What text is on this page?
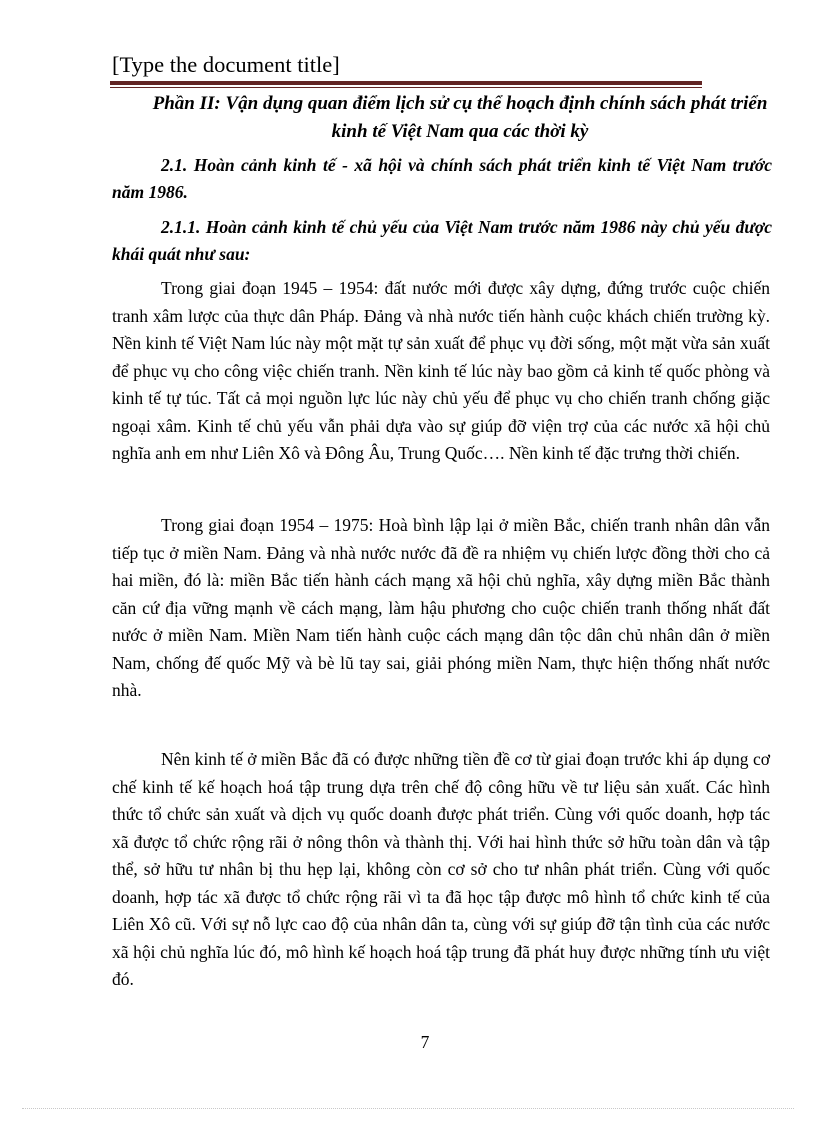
[Type the document title]
Phần II: Vận dụng quan điểm lịch sử cụ thể hoạch định chính sách phát triển kinh tế Việt Nam qua các thời kỳ
2.1. Hoàn cảnh kinh tế - xã hội và chính sách phát triển kinh tế Việt Nam trước năm 1986.
2.1.1. Hoàn cảnh kinh tế chủ yếu của Việt Nam trước năm 1986 này chủ yếu được khái quát như sau:
Trong giai đoạn 1945 – 1954: đất nước mới được xây dựng, đứng trước cuộc chiến tranh xâm lược của thực dân Pháp. Đảng và nhà nước tiến hành cuộc khách chiến trường kỳ. Nền kinh tế Việt Nam lúc này một mặt tự sản xuất để phục vụ đời sống, một mặt vừa sản xuất để phục vụ cho công việc chiến tranh. Nền kinh tế lúc này bao gồm cả kinh tế quốc phòng và kinh tế tự túc. Tất cả mọi nguồn lực lúc này chủ yếu để phục vụ cho chiến tranh chống giặc ngoại xâm. Kinh tế chủ yếu vẫn phải dựa vào sự giúp đỡ viện trợ của các nước xã hội chủ nghĩa anh em như Liên Xô và Đông Âu, Trung Quốc…. Nền kinh tế đặc trưng thời chiến.
Trong giai đoạn 1954 – 1975: Hoà bình lập lại ở miền Bắc, chiến tranh nhân dân vẫn tiếp tục ở miền Nam. Đảng và nhà nước nước đã đề ra nhiệm vụ chiến lược đồng thời cho cả hai miền, đó là: miền Bắc tiến hành cách mạng xã hội chủ nghĩa, xây dựng miền Bắc thành căn cứ địa vững mạnh về cách mạng, làm hậu phương cho cuộc chiến tranh thống nhất đất nước ở miền Nam. Miền Nam tiến hành cuộc cách mạng dân tộc dân chủ nhân dân ở miền Nam, chống đế quốc Mỹ và bè lũ tay sai, giải phóng miền Nam, thực hiện thống nhất nước nhà.
Nên kinh tế ở miền Bắc đã có được những tiền đề cơ từ giai đoạn trước khi áp dụng cơ chế kinh tế kế hoạch hoá tập trung dựa trên chế độ công hữu về tư liệu sản xuất. Các hình thức tổ chức sản xuất và dịch vụ quốc doanh được phát triển. Cùng với quốc doanh, hợp tác xã được tổ chức rộng rãi ở nông thôn và thành thị. Với hai hình thức sở hữu toàn dân và tập thể, sở hữu tư nhân bị thu hẹp lại, không còn cơ sở cho tư nhân phát triển. Cùng với quốc doanh, hợp tác xã được tổ chức rộng rãi vì ta đã học tập được mô hình tổ chức kinh tế của Liên Xô cũ. Với sự nỗ lực cao độ của nhân dân ta, cùng với sự giúp đỡ tận tình của các nước xã hội chủ nghĩa lúc đó, mô hình kế hoạch hoá tập trung đã phát huy được những tính ưu việt đó.
7
